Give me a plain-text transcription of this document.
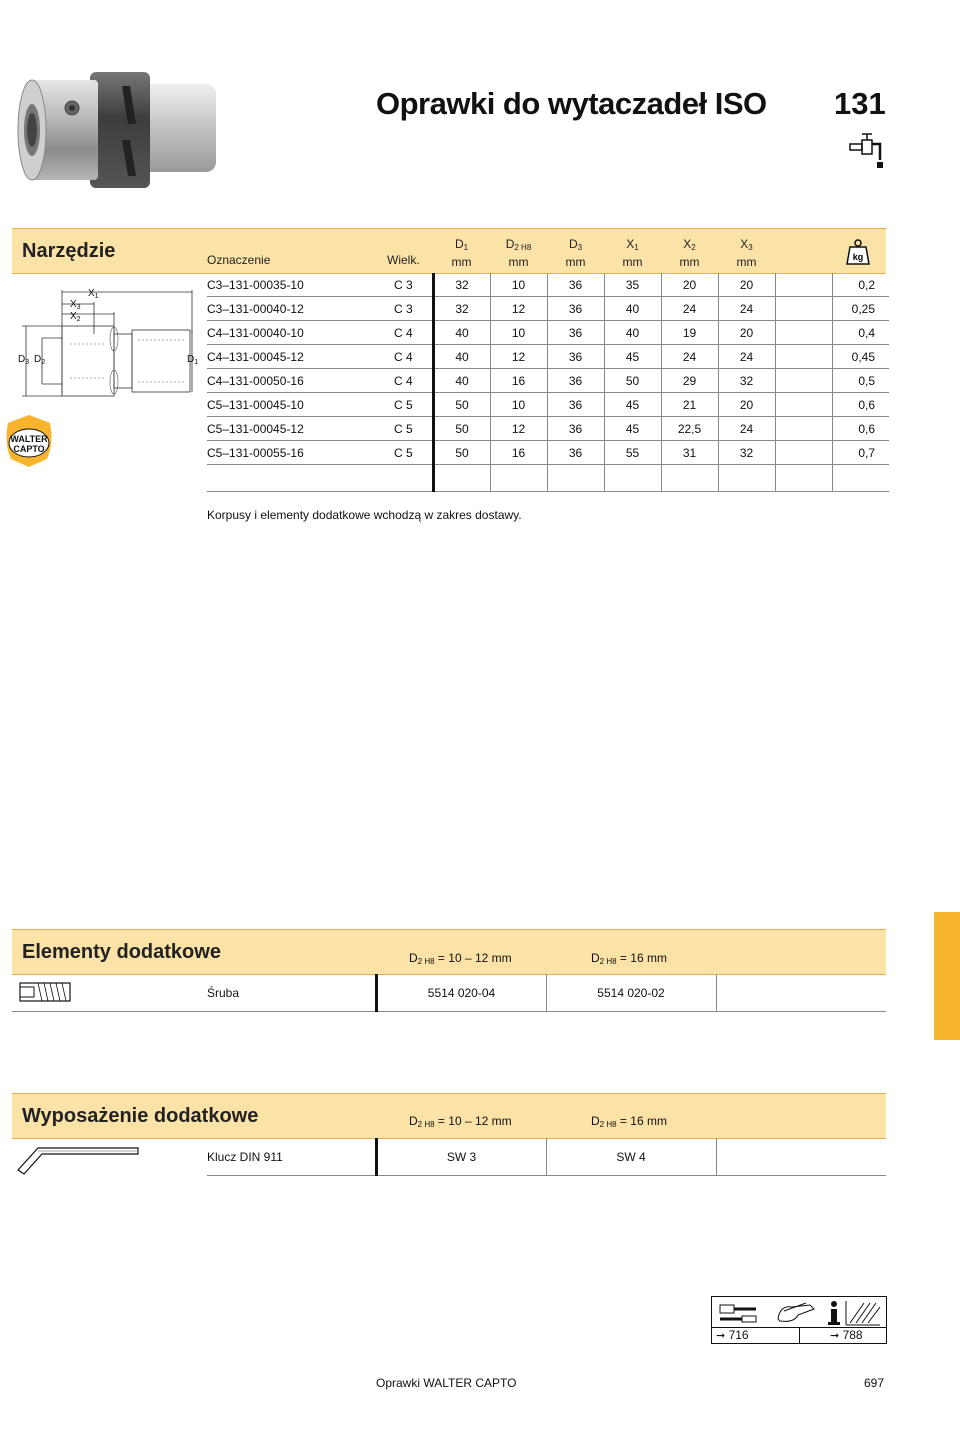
Oprawki do wytaczadeł ISO 131
Narzędzie	Oznaczenie	Wielk.
$D_1$
mm
$D_{2 H8}$
mm
$D_3$
mm
$X_1$
mm
$X_2$
mm
$X_3$
mm	kg
$X_1$
$X_3$
$X_2$
$D_3$ $D_2$	$D_1$
WALTER
CAPTO
C3–131-00035-10	C 3	32	10	36	35	20	20		0,2
C3–131-00040-12	C 3	32	12	36	40	24	24		0,25
C4–131-00040-10	C 4	40	10	36	40	19	20		0,4
C4–131-00045-12	C 4	40	12	36	45	24	24		0,45
C4–131-00050-16	C 4	40	16	36	50	29	32		0,5
C5–131-00045-10	C 5	50	10	36	45	21	20		0,6
C5–131-00045-12	C 5	50	12	36	45	22,5	24		0,6
C5–131-00055-16	C 5	50	16	36	55	31	32		0,7

Korpusy i elementy dodatkowe wchodzą w zakres dostawy.
Elementy dodatkowe	$D_{2 H8} = 10 - 12$ mm	$D_{2 H8} = 16$ mm
Śruba	5514 020-04	5514 020-02	
Wyposażenie dodatkowe	$D_{2 H8} = 10 - 12$ mm	$D_{2 H8} = 16$ mm
Klucz DIN 911	SW 3	SW 4	
➞ 716	➞ 788
Oprawki WALTER CAPTO	697
